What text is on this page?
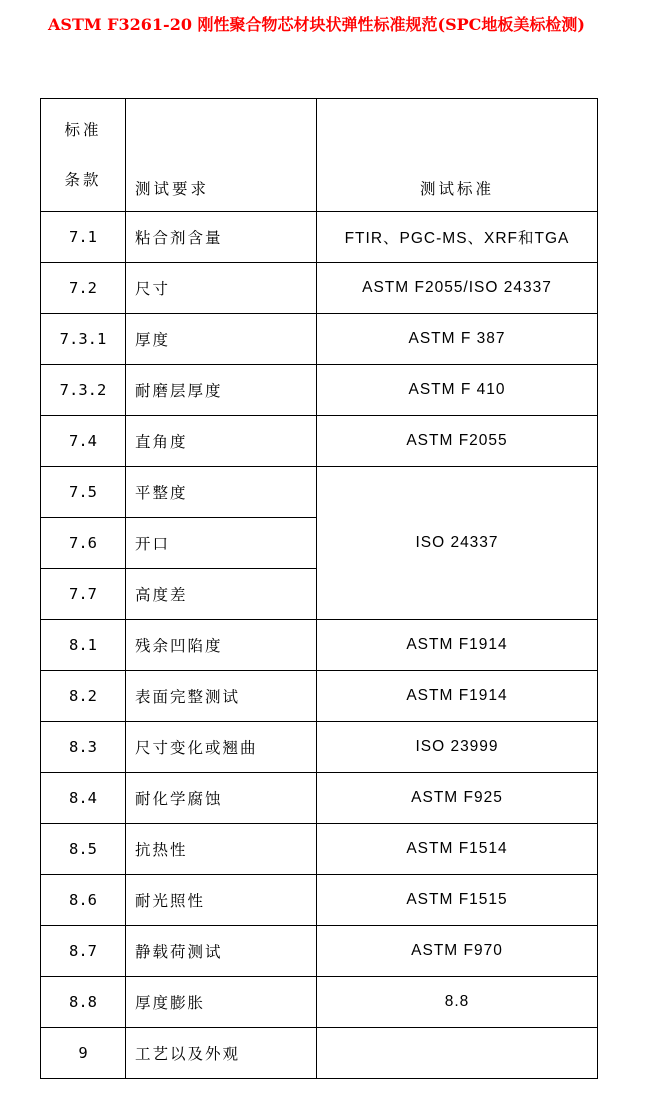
ASTM F3261-20 刚性聚合物芯材块状弹性标准规范(SPC地板美标检测)
标准
条款	测试要求	测试标准
7.1	粘合剂含量	FTIR、PGC-MS、XRF和TGA
7.2	尺寸	ASTM F2055/ISO 24337
7.3.1	厚度	ASTM F 387
7.3.2	耐磨层厚度	ASTM F 410
7.4	直角度	ASTM F2055
7.5	平整度	ISO 24337
7.6	开口	
7.7	高度差	
8.1	残余凹陷度	ASTM F1914
8.2	表面完整测试	ASTM F1914
8.3	尺寸变化或翘曲	ISO 23999
8.4	耐化学腐蚀	ASTM F925
8.5	抗热性	ASTM F1514
8.6	耐光照性	ASTM F1515
8.7	静载荷测试	ASTM F970
8.8	厚度膨胀	8.8
9	工艺以及外观	
